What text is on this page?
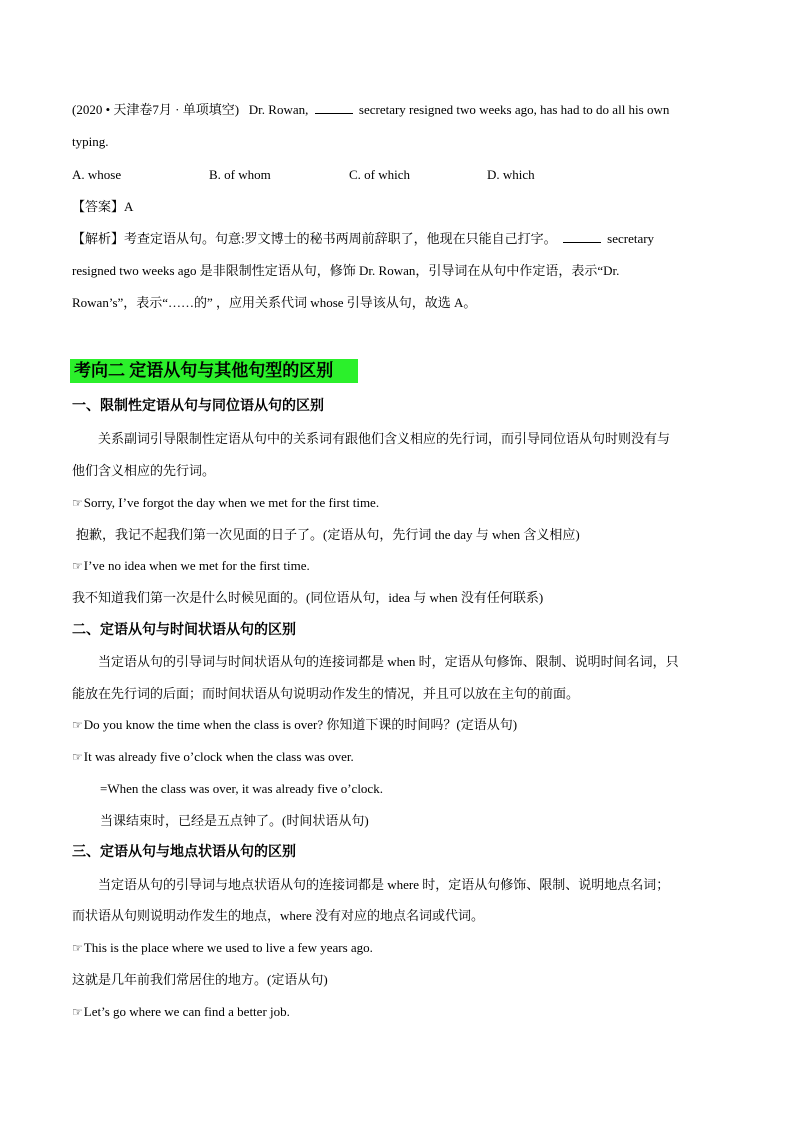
(2020 • 天津卷7月 · 单项填空) Dr. Rowan,	secretary resigned two weeks ago, has had to do all his own
typing.
A. whose	B. of whom	C. of which	D. which
【答案】A
【解析】考查定语从句。句意:罗文博士的秘书两周前辞职了，他现在只能自己打字。	secretary
resigned two weeks ago 是非限制性定语从句，修饰 Dr. Rowan，引导词在从句中作定语，表示“Dr.
Rowan’s”，表示“……的” ，应用关系代词 whose 引导该从句，故选 A。
考向二 定语从句与其他句型的区别
一、限制性定语从句与同位语从句的区别
关系副词引导限制性定语从句中的关系词有跟他们含义相应的先行词，而引导同位语从句时则没有与
他们含义相应的先行词。
☞Sorry, I’ve forgot the day when we met for the first time.
抱歉，我记不起我们第一次见面的日子了。(定语从句，先行词 the day 与 when 含义相应)
☞I’ve no idea when we met for the first time.
我不知道我们第一次是什么时候见面的。(同位语从句，idea 与 when 没有任何联系)
二、定语从句与时间状语从句的区别
当定语从句的引导词与时间状语从句的连接词都是 when 时，定语从句修饰、限制、说明时间名词，只
能放在先行词的后面；而时间状语从句说明动作发生的情况，并且可以放在主句的前面。
☞Do you know the time when the class is over? 你知道下课的时间吗？(定语从句)
☞It was already five o’clock when the class was over.
=When the class was over, it was already five o’clock.
当课结束时，已经是五点钟了。(时间状语从句)
三、定语从句与地点状语从句的区别
当定语从句的引导词与地点状语从句的连接词都是 where 时，定语从句修饰、限制、说明地点名词；
而状语从句则说明动作发生的地点，where 没有对应的地点名词或代词。
☞This is the place where we used to live a few years ago.
这就是几年前我们常居住的地方。(定语从句)
☞Let’s go where we can find a better job.
